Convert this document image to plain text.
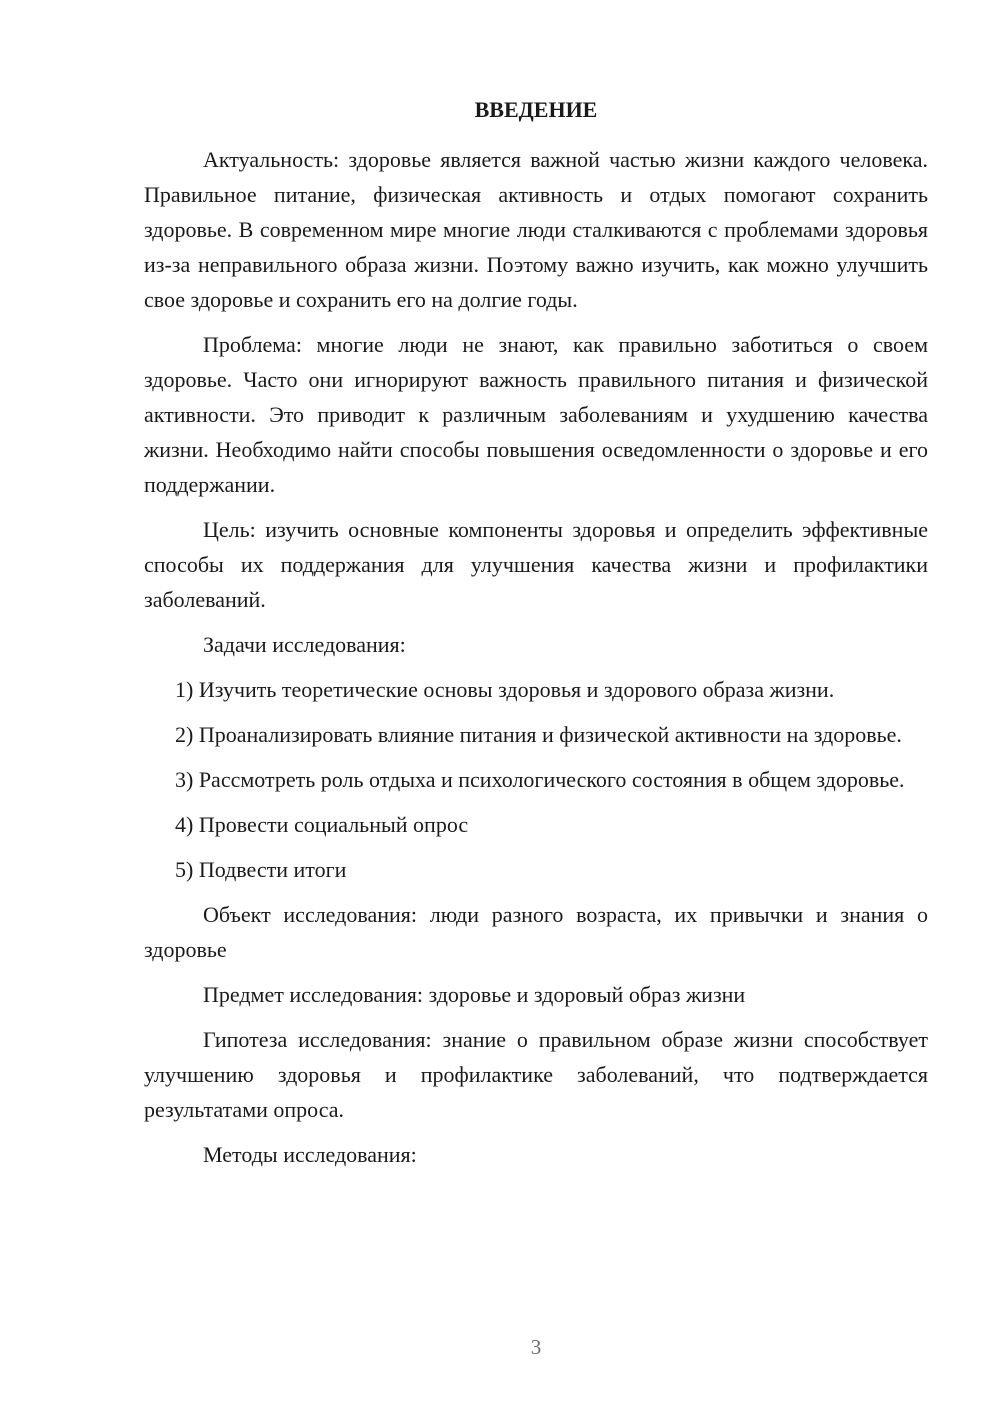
ВВЕДЕНИЕ

Актуальность: здоровье является важной частью жизни каждого человека. Правильное питание, физическая активность и отдых помогают сохранить здоровье. В современном мире многие люди сталкиваются с проблемами здоровья из-за неправильного образа жизни. Поэтому важно изучить, как можно улучшить свое здоровье и сохранить его на долгие годы.

Проблема: многие люди не знают, как правильно заботиться о своем здоровье. Часто они игнорируют важность правильного питания и физической активности. Это приводит к различным заболеваниям и ухудшению качества жизни. Необходимо найти способы повышения осведомленности о здоровье и его поддержании.

Цель: изучить основные компоненты здоровья и определить эффективные способы их поддержания для улучшения качества жизни и профилактики заболеваний.

Задачи исследования:

1) Изучить теоретические основы здоровья и здорового образа жизни.

2) Проанализировать влияние питания и физической активности на здоровье.

3) Рассмотреть роль отдыха и психологического состояния в общем здоровье.

4) Провести социальный опрос

5) Подвести итоги

Объект исследования: люди разного возраста, их привычки и знания о здоровье

Предмет исследования: здоровье и здоровый образ жизни

Гипотеза исследования: знание о правильном образе жизни способствует улучшению здоровья и профилактике заболеваний, что подтверждается результатами опроса.

Методы исследования:

3
